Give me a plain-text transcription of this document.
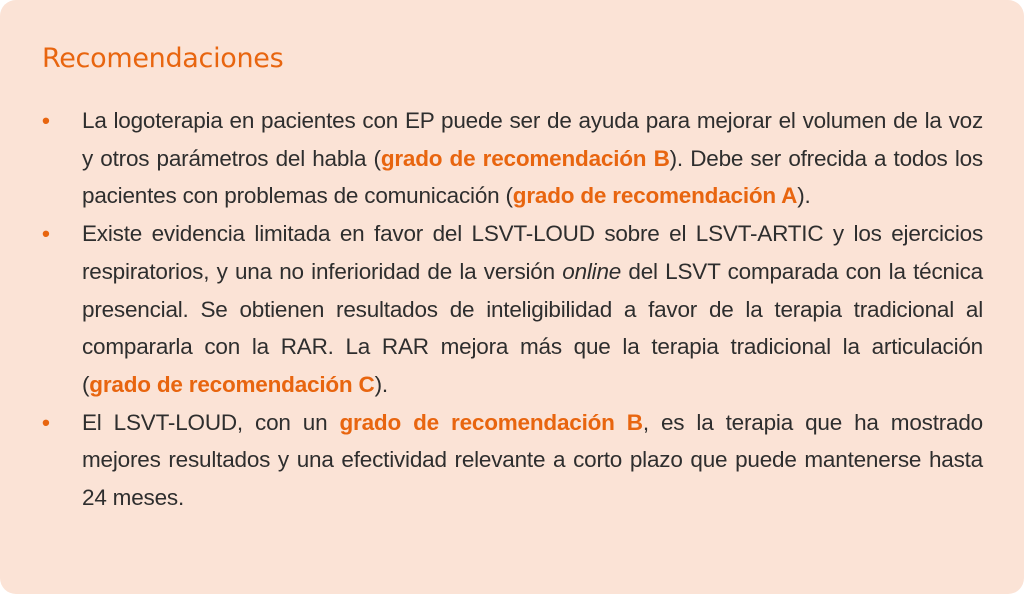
Recomendaciones
• La logoterapia en pacientes con EP puede ser de ayuda para mejorar el volumen de la voz y otros parámetros del habla (grado de recomendación B). Debe ser ofrecida a todos los pacientes con problemas de comunicación (grado de recomendación A).
• Existe evidencia limitada en favor del LSVT-LOUD sobre el LSVT-ARTIC y los ejercicios respiratorios, y una no inferioridad de la versión online del LSVT comparada con la técnica presencial. Se obtienen resultados de inteligibilidad a favor de la terapia tradicional al compararla con la RAR. La RAR mejora más que la terapia tradicional la articulación (grado de recomendación C).
• El LSVT-LOUD, con un grado de recomendación B, es la terapia que ha mostrado mejores resultados y una efectividad relevante a corto plazo que puede mantenerse hasta 24 meses.
